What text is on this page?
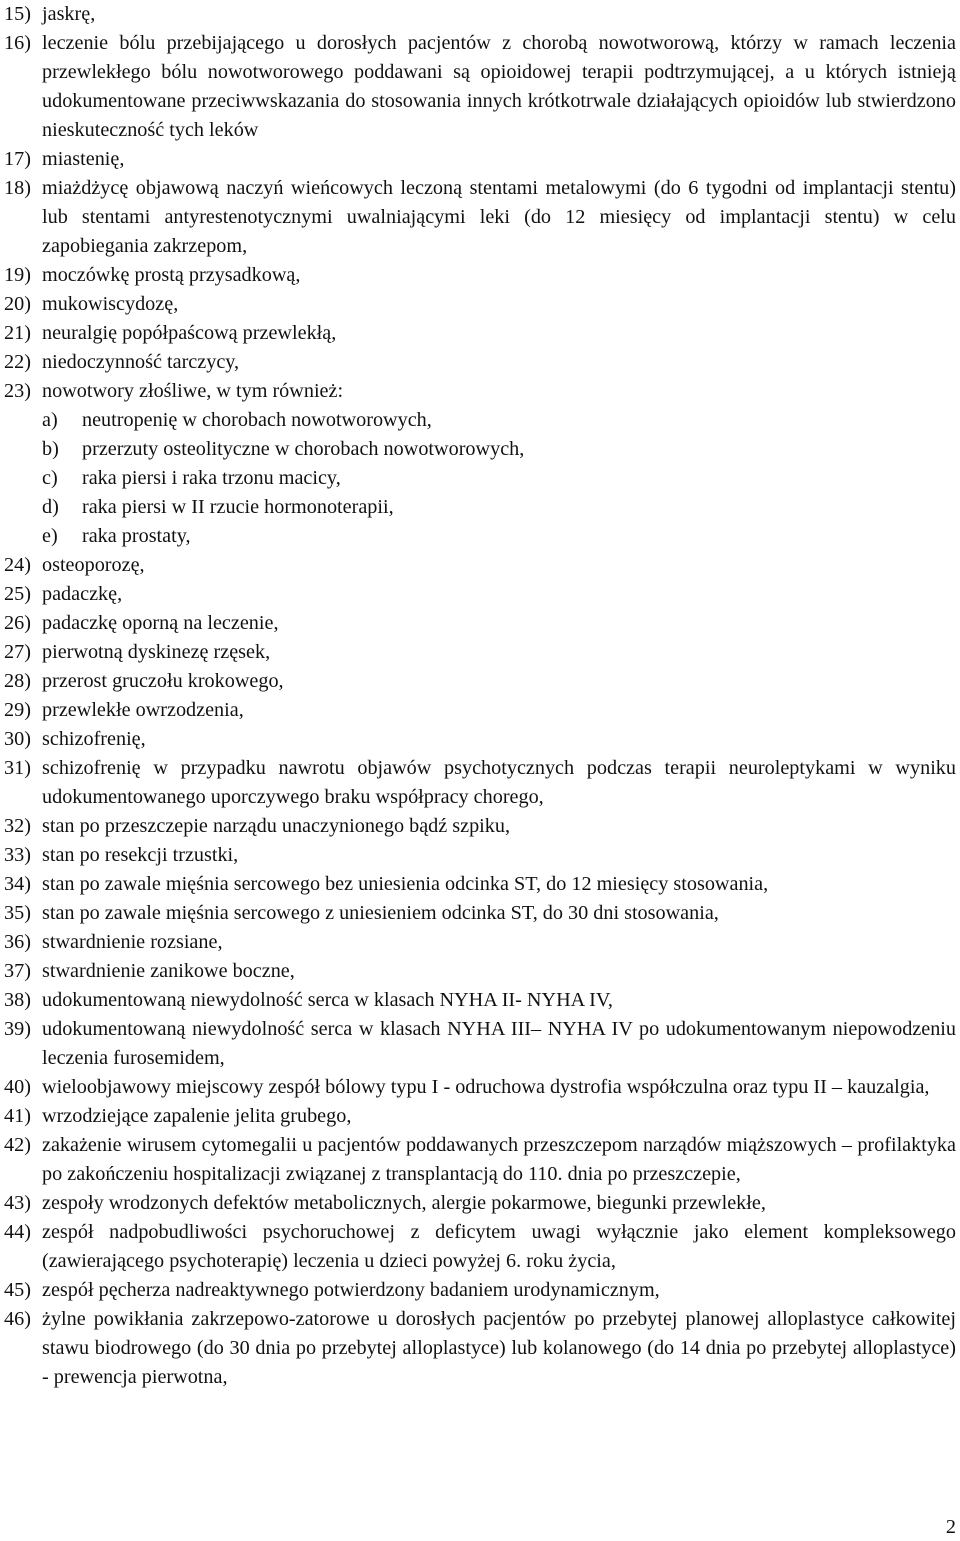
15) jaskrę,
16) leczenie bólu przebijającego u dorosłych pacjentów z chorobą nowotworową, którzy w ramach leczenia przewlekłego bólu nowotworowego poddawani są opioidowej terapii podtrzymującej, a u których istnieją udokumentowane przeciwwskazania do stosowania innych krótkotrwale działających opioidów lub stwierdzono nieskuteczność tych leków
17) miastenię,
18) miażdżycę objawową naczyń wieńcowych leczoną stentami metalowymi (do 6 tygodni od implantacji stentu) lub stentami antyrestenotycznymi uwalniającymi leki (do 12 miesięcy od implantacji stentu) w celu zapobiegania zakrzepom,
19) moczówkę prostą przysadkową,
20) mukowiscydozę,
21) neuralgię popółpaścową przewlekłą,
22) niedoczynność tarczycy,
23) nowotwory złośliwe, w tym również:
a)	neutropenię w chorobach nowotworowych,
b)	przerzuty osteolityczne w chorobach nowotworowych,
c)	raka piersi i raka trzonu macicy,
d)	raka piersi w II rzucie hormonoterapii,
e)	raka prostaty,
24) osteoporozę,
25) padaczkę,
26) padaczkę oporną na leczenie,
27) pierwotną dyskinezę rzęsek,
28) przerost gruczołu krokowego,
29) przewlekłe owrzodzenia,
30) schizofrenię,
31) schizofrenię w przypadku nawrotu objawów psychotycznych podczas terapii neuroleptykami w wyniku udokumentowanego uporczywego braku współpracy chorego,
32) stan po przeszczepie narządu unaczynionego bądź szpiku,
33) stan po resekcji trzustki,
34) stan po zawale mięśnia sercowego bez uniesienia odcinka ST, do 12 miesięcy stosowania,
35) stan po zawale mięśnia sercowego z uniesieniem odcinka ST, do 30 dni stosowania,
36) stwardnienie rozsiane,
37) stwardnienie zanikowe boczne,
38) udokumentowaną niewydolność serca w klasach NYHA II- NYHA IV,
39) udokumentowaną niewydolność serca w klasach NYHA III– NYHA IV po udokumentowanym niepowodzeniu leczenia furosemidem,
40) wieloobjawowy miejscowy zespół bólowy typu I - odruchowa dystrofia współczulna oraz typu II – kauzalgia,
41) wrzodziejące zapalenie jelita grubego,
42) zakażenie wirusem cytomegalii u pacjentów poddawanych przeszczepom narządów miąższowych – profilaktyka po zakończeniu hospitalizacji związanej z transplantacją do 110. dnia po przeszczepie,
43) zespoły wrodzonych defektów metabolicznych, alergie pokarmowe, biegunki przewlekłe,
44) zespół nadpobudliwości psychoruchowej z deficytem uwagi wyłącznie jako element kompleksowego (zawierającego psychoterapię) leczenia u dzieci powyżej 6. roku życia,
45) zespół pęcherza nadreaktywnego potwierdzony badaniem urodynamicznym,
46) żylne powikłania zakrzepowo-zatorowe u dorosłych pacjentów po przebytej planowej alloplastyce całkowitej stawu biodrowego (do 30 dnia po przebytej alloplastyce) lub kolanowego (do 14 dnia po przebytej alloplastyce) - prewencja pierwotna,
2
